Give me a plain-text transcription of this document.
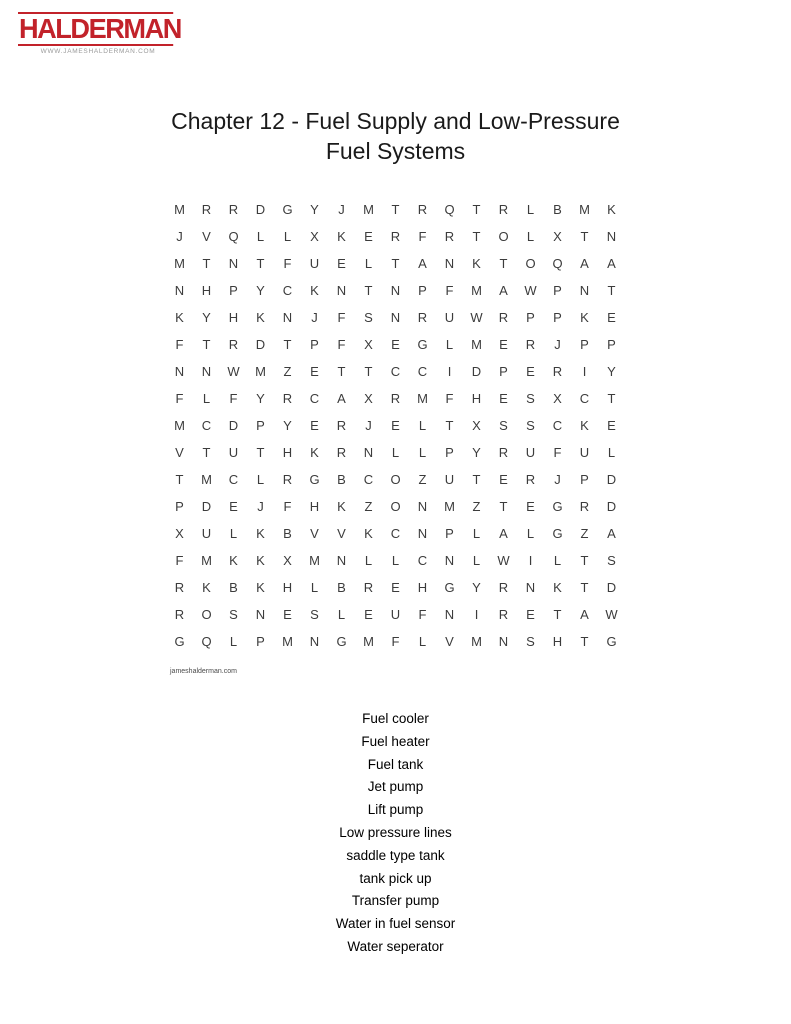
HALDERMAN
WWW.JAMESHALDERMAN.COM
Chapter 12 - Fuel Supply and Low-Pressure
Fuel Systems
M	R	R	D	G	Y	J	M	T	R	Q	T	R	L	B	M	K
J	V	Q	L	L	X	K	E	R	F	R	T	O	L	X	T	N
M	T	N	T	F	U	E	L	T	A	N	K	T	O	Q	A	A
N	H	P	Y	C	K	N	T	N	P	F	M	A	W	P	N	T
K	Y	H	K	N	J	F	S	N	R	U	W	R	P	P	K	E
F	T	R	D	T	P	F	X	E	G	L	M	E	R	J	P	P
N	N	W	M	Z	E	T	T	C	C	I	D	P	E	R	I	Y
F	L	F	Y	R	C	A	X	R	M	F	H	E	S	X	C	T
M	C	D	P	Y	E	R	J	E	L	T	X	S	S	C	K	E
V	T	U	T	H	K	R	N	L	L	P	Y	R	U	F	U	L
T	M	C	L	R	G	B	C	O	Z	U	T	E	R	J	P	D
P	D	E	J	F	H	K	Z	O	N	M	Z	T	E	G	R	D
X	U	L	K	B	V	V	K	C	N	P	L	A	L	G	Z	A
F	M	K	K	X	M	N	L	L	C	N	L	W	I	L	T	S
R	K	B	K	H	L	B	R	E	H	G	Y	R	N	K	T	D
R	O	S	N	E	S	L	E	U	F	N	I	R	E	T	A	W
G	Q	L	P	M	N	G	M	F	L	V	M	N	S	H	T	G
jameshalderman.com
Fuel cooler
Fuel heater
Fuel tank
Jet pump
Lift pump
Low pressure lines
saddle type tank
tank pick up
Transfer pump
Water in fuel sensor
Water seperator
